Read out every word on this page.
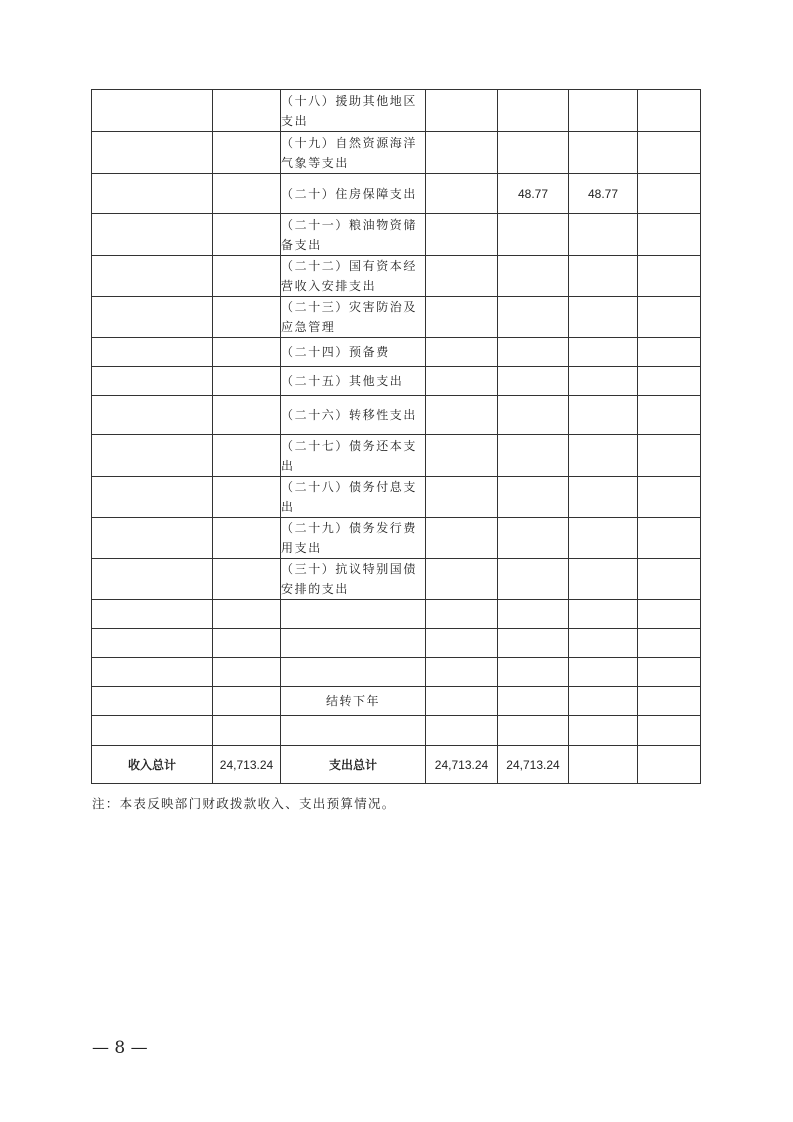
		（十八）援助其他地区支出				
		（十九）自然资源海洋气象等支出				
		（二十）住房保障支出		48.77	48.77	
		（二十一）粮油物资储备支出				
		（二十二）国有资本经营收入安排支出				
		（二十三）灾害防治及应急管理				
		（二十四）预备费				
		（二十五）其他支出				
		（二十六）转移性支出				
		（二十七）债务还本支出				
		（二十八）债务付息支出				
		（二十九）债务发行费用支出				
		（三十）抗议特别国债安排的支出				

		结转下年				

收入总计	24,713.24	支出总计	24,713.24	24,713.24		
注：本表反映部门财政拨款收入、支出预算情况。
— 8 —
